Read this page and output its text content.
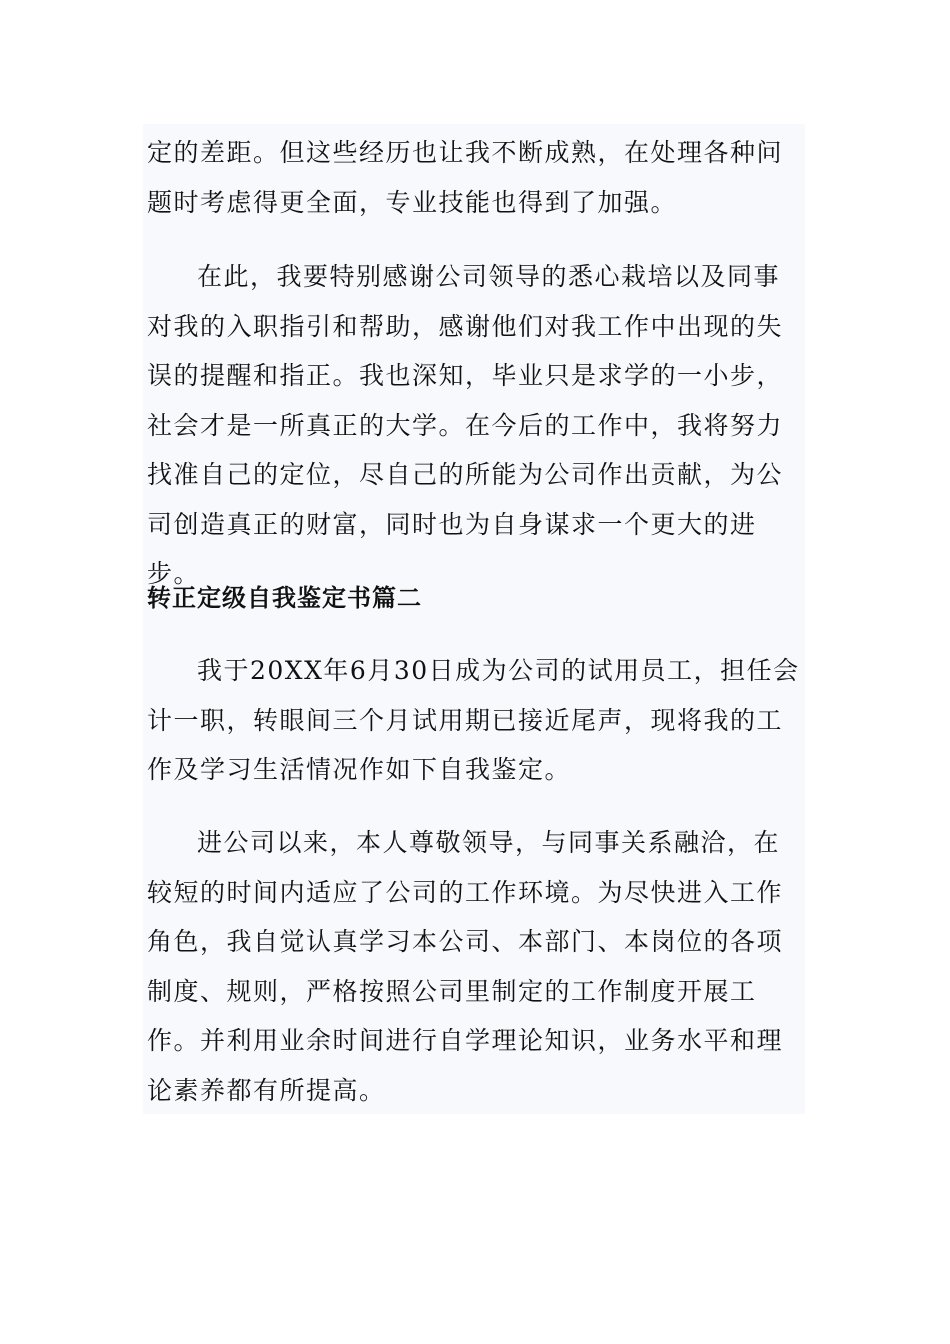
定的差距。但这些经历也让我不断成熟，在处理各种问题时考虑得更全面，专业技能也得到了加强。

在此，我要特别感谢公司领导的悉心栽培以及同事对我的入职指引和帮助，感谢他们对我工作中出现的失误的提醒和指正。我也深知，毕业只是求学的一小步，社会才是一所真正的大学。在今后的工作中，我将努力找准自己的定位，尽自己的所能为公司作出贡献，为公司创造真正的财富，同时也为自身谋求一个更大的进步。

转正定级自我鉴定书篇二

我于20XX年6月30日成为公司的试用员工，担任会计一职，转眼间三个月试用期已接近尾声，现将我的工作及学习生活情况作如下自我鉴定。

进公司以来，本人尊敬领导，与同事关系融洽，在较短的时间内适应了公司的工作环境。为尽快进入工作角色，我自觉认真学习本公司、本部门、本岗位的各项制度、规则，严格按照公司里制定的工作制度开展工作。并利用业余时间进行自学理论知识，业务水平和理论素养都有所提高。
